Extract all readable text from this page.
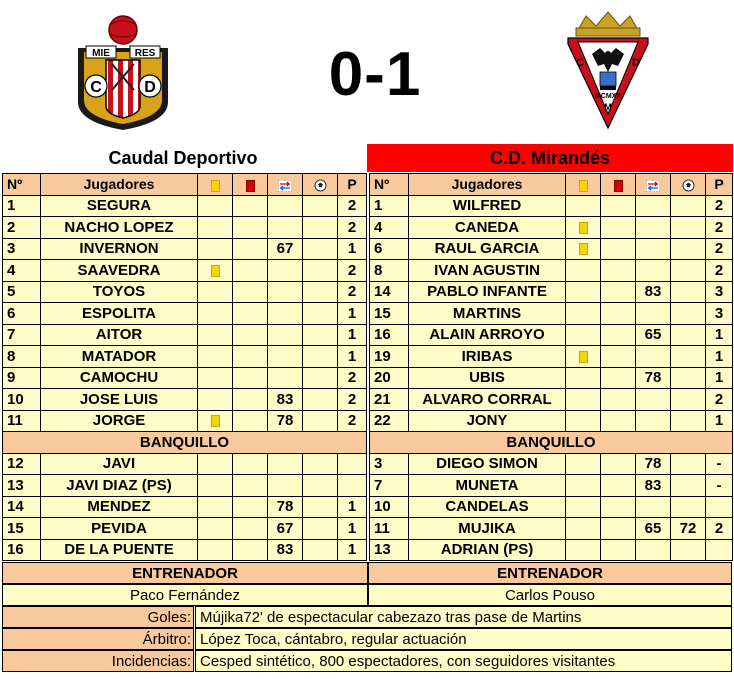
MIE RES
C	D	0-1	MCMXX
C	D
M
Caudal Deportivo	C.D. Mirandés
Nº	Jugadores					P
1	SEGURA					2
2	NACHO LOPEZ					2
3	INVERNON			67		1
4	SAAVEDRA					2
5	TOYOS					2
6	ESPOLITA					1
7	AITOR					1
8	MATADOR					1
9	CAMOCHU					2
10	JOSE LUIS			83		2
11	JORGE			78		2
BANQUILLO						
12	JAVI					
13	JAVI DIAZ (PS)					
14	MENDEZ			78		1
15	PEVIDA			67		1
16	DE LA PUENTE			83		1
Nº	Jugadores					P
1	WILFRED					2
4	CANEDA					2
6	RAUL GARCIA					2
8	IVAN AGUSTIN					2
14	PABLO INFANTE			83		3
15	MARTINS					3
16	ALAIN ARROYO			65		1
19	IRIBAS					1
20	UBIS			78		1
21	ALVARO CORRAL					2
22	JONY					1
BANQUILLO						
3	DIEGO SIMON			78		-
7	MUNETA			83		-
10	CANDELAS					
11	MUJIKA			65	72	2
13	ADRIAN (PS)					
ENTRENADOR	ENTRENADOR
Paco Fernández	Carlos Pouso
Goles: Mújika72' de espectacular cabezazo tras pase de Martins
Árbitro: López Toca, cántabro, regular actuación
Incidencias: Cesped sintético, 800 espectadores, con seguidores visitantes
